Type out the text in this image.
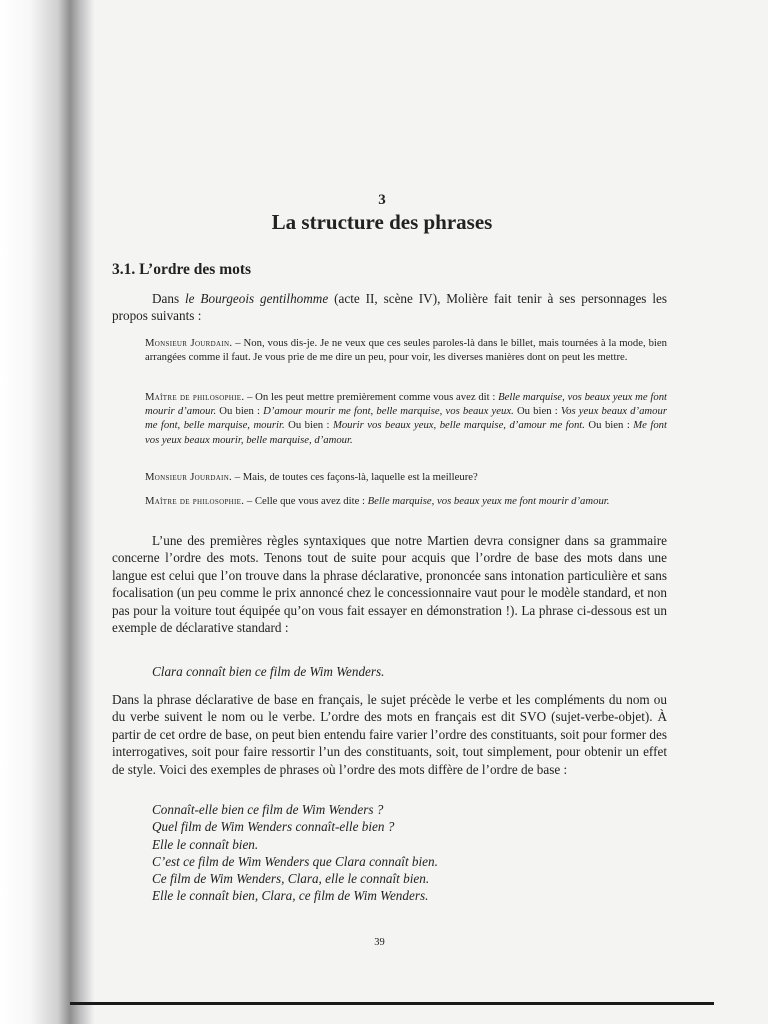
3
La structure des phrases
3.1. L’ordre des mots

Dans le Bourgeois gentilhomme (acte II, scène IV), Molière fait tenir à ses personnages les propos suivants :

Monsieur Jourdain. – Non, vous dis-je. Je ne veux que ces seules paroles-là dans le billet, mais tournées à la mode, bien arrangées comme il faut. Je vous prie de me dire un peu, pour voir, les diverses manières dont on peut les mettre.

Maître de philosophie. – On les peut mettre premièrement comme vous avez dit : Belle marquise, vos beaux yeux me font mourir d’amour. Ou bien : D’amour mourir me font, belle marquise, vos beaux yeux. Ou bien : Vos yeux beaux d’amour me font, belle marquise, mourir. Ou bien : Mourir vos beaux yeux, belle marquise, d’amour me font. Ou bien : Me font vos yeux beaux mourir, belle marquise, d’amour.

Monsieur Jourdain. – Mais, de toutes ces façons-là, laquelle est la meilleure?

Maître de philosophie. – Celle que vous avez dite : Belle marquise, vos beaux yeux me font mourir d’amour.

L’une des premières règles syntaxiques que notre Martien devra consigner dans sa grammaire concerne l’ordre des mots. Tenons tout de suite pour acquis que l’ordre de base des mots dans une langue est celui que l’on trouve dans la phrase déclarative, prononcée sans intonation particulière et sans focalisation (un peu comme le prix annoncé chez le concessionnaire vaut pour le modèle standard, et non pas pour la voiture tout équipée qu’on vous fait essayer en démonstration !). La phrase ci-dessous est un exemple de déclarative standard :

Clara connaît bien ce film de Wim Wenders.

Dans la phrase déclarative de base en français, le sujet précède le verbe et les compléments du nom ou du verbe suivent le nom ou le verbe. L’ordre des mots en français est dit SVO (sujet-verbe-objet). À partir de cet ordre de base, on peut bien entendu faire varier l’ordre des constituants, soit pour former des interrogatives, soit pour faire ressortir l’un des constituants, soit, tout simplement, pour obtenir un effet de style. Voici des exemples de phrases où l’ordre des mots diffère de l’ordre de base :

Connaît-elle bien ce film de Wim Wenders ?
Quel film de Wim Wenders connaît-elle bien ?
Elle le connaît bien.
C’est ce film de Wim Wenders que Clara connaît bien.
Ce film de Wim Wenders, Clara, elle le connaît bien.
Elle le connaît bien, Clara, ce film de Wim Wenders.
39
